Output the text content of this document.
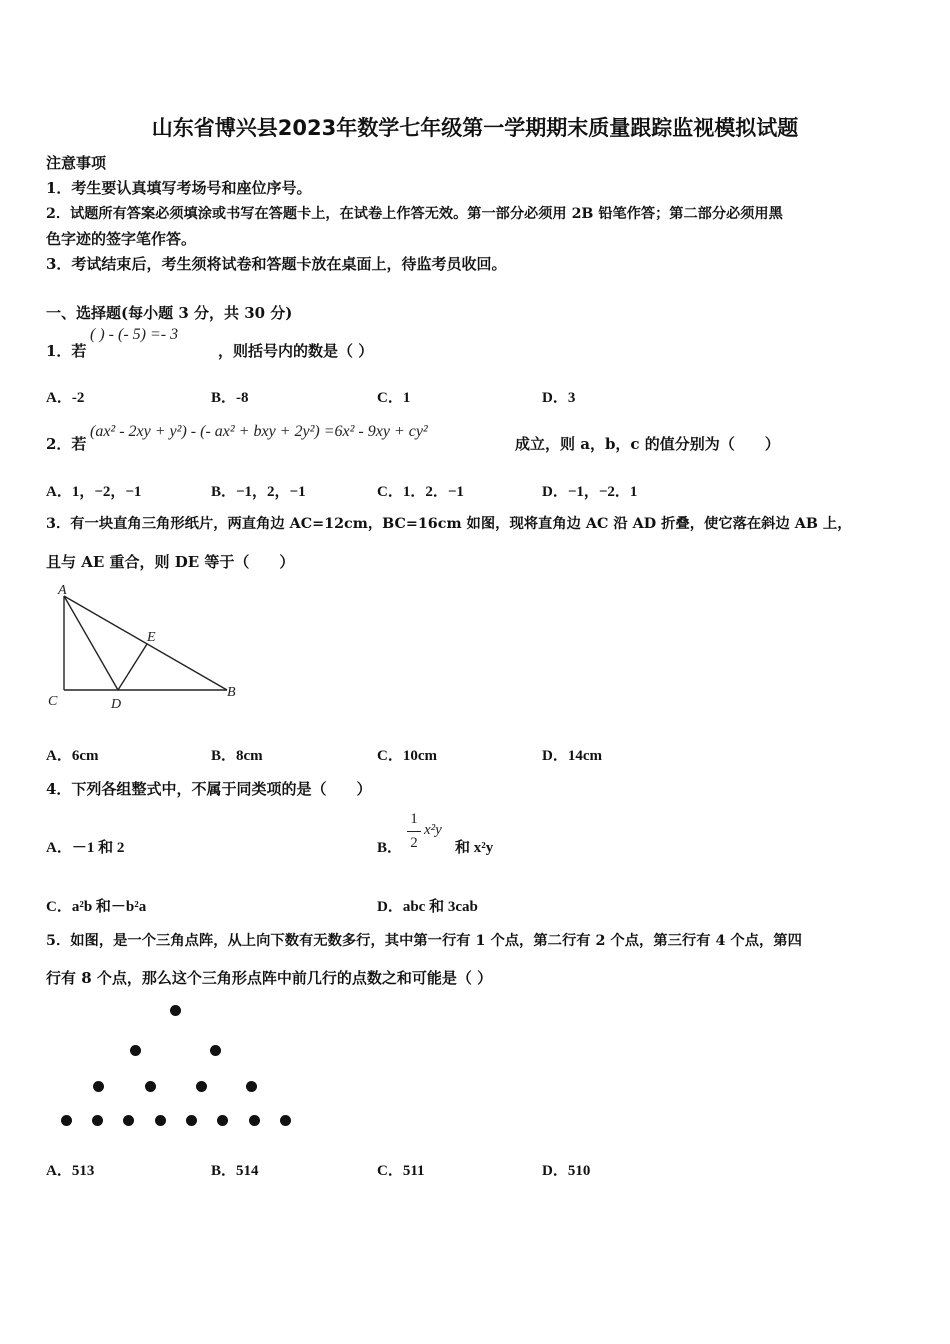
山东省博兴县2023年数学七年级第一学期期末质量跟踪监视模拟试题
注意事项
1．考生要认真填写考场号和座位序号。
2．试题所有答案必须填涂或书写在答题卡上，在试卷上作答无效。第一部分必须用 2B 铅笔作答；第二部分必须用黑
色字迹的签字笔作答。
3．考试结束后，考生须将试卷和答题卡放在桌面上，待监考员收回。
一、选择题(每小题 3 分，共 30 分)
1．若
( ) - (- 5) =- 3
，则括号内的数是（ ）
A．-2	B．-8	C．1	D．3
2．若
(ax² - 2xy + y²) - (- ax² + bxy + 2y²) =6x² - 9xy + cy²
成立，则 a，b，c 的值分别为（　　）
A．1，−2，−1	B．−1，2，−1	C．1．2．−1	D．−1，−2．1
3．有一块直角三角形纸片，两直角边 AC=12cm，BC=16cm 如图，现将直角边 AC 沿 AD 折叠，使它落在斜边 AB 上，
且与 AE 重合，则 DE 等于（　　）
A
E
C	D
B
A．6cm	B．8cm	C．10cm	D．14cm
4．下列各组整式中，不属于同类项的是（　　）
A．－1 和 2	B．
1
2
x²y
和 x²y
C．a²b 和－b²a	D．abc 和 3cab
5．如图，是一个三角点阵，从上向下数有无数多行，其中第一行有 1 个点，第二行有 2 个点，第三行有 4 个点，第四
行有 8 个点，那么这个三角形点阵中前几行的点数之和可能是（ ）
A．513	B．514	C．511	D．510
